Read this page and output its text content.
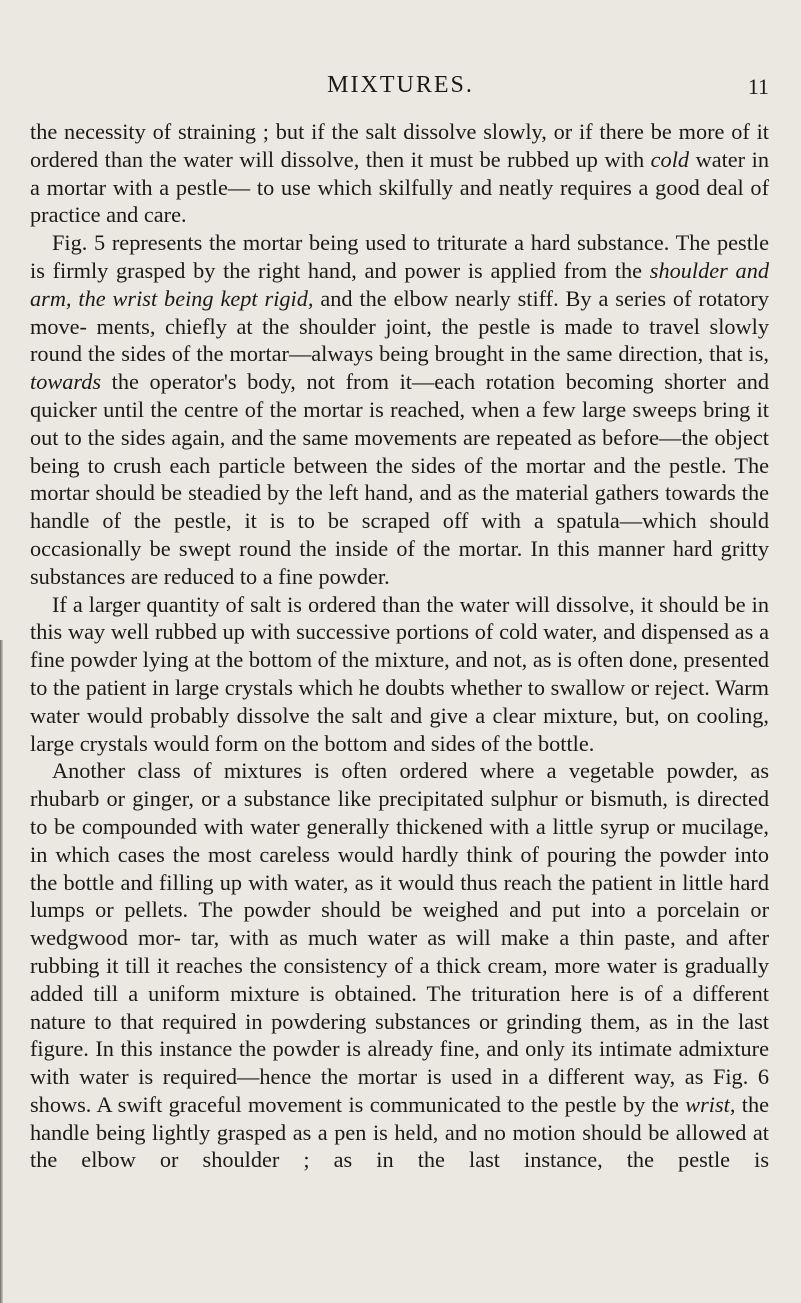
MIXTURES.	11

the necessity of straining ; but if the salt dissolve slowly, or if there be more of it ordered than the water will dissolve, then it must be rubbed up with cold water in a mortar with a pestle— to use which skilfully and neatly requires a good deal of practice and care.

Fig. 5 represents the mortar being used to triturate a hard substance. The pestle is firmly grasped by the right hand, and power is applied from the shoulder and arm, the wrist being kept rigid, and the elbow nearly stiff. By a series of rotatory move- ments, chiefly at the shoulder joint, the pestle is made to travel slowly round the sides of the mortar—always being brought in the same direction, that is, towards the operator's body, not from it—each rotation becoming shorter and quicker until the centre of the mortar is reached, when a few large sweeps bring it out to the sides again, and the same movements are repeated as before—the object being to crush each particle between the sides of the mortar and the pestle. The mortar should be steadied by the left hand, and as the material gathers towards the handle of the pestle, it is to be scraped off with a spatula—which should occasionally be swept round the inside of the mortar. In this manner hard gritty substances are reduced to a fine powder.

If a larger quantity of salt is ordered than the water will dissolve, it should be in this way well rubbed up with successive portions of cold water, and dispensed as a fine powder lying at the bottom of the mixture, and not, as is often done, presented to the patient in large crystals which he doubts whether to swallow or reject. Warm water would probably dissolve the salt and give a clear mixture, but, on cooling, large crystals would form on the bottom and sides of the bottle.

Another class of mixtures is often ordered where a vegetable powder, as rhubarb or ginger, or a substance like precipitated sulphur or bismuth, is directed to be compounded with water generally thickened with a little syrup or mucilage, in which cases the most careless would hardly think of pouring the powder into the bottle and filling up with water, as it would thus reach the patient in little hard lumps or pellets. The powder should be weighed and put into a porcelain or wedgwood mor- tar, with as much water as will make a thin paste, and after rubbing it till it reaches the consistency of a thick cream, more water is gradually added till a uniform mixture is obtained. The trituration here is of a different nature to that required in powdering substances or grinding them, as in the last figure. In this instance the powder is already fine, and only its intimate admixture with water is required—hence the mortar is used in a different way, as Fig. 6 shows. A swift graceful movement is communicated to the pestle by the wrist, the handle being lightly grasped as a pen is held, and no motion should be allowed at the elbow or shoulder ; as in the last instance, the pestle is
